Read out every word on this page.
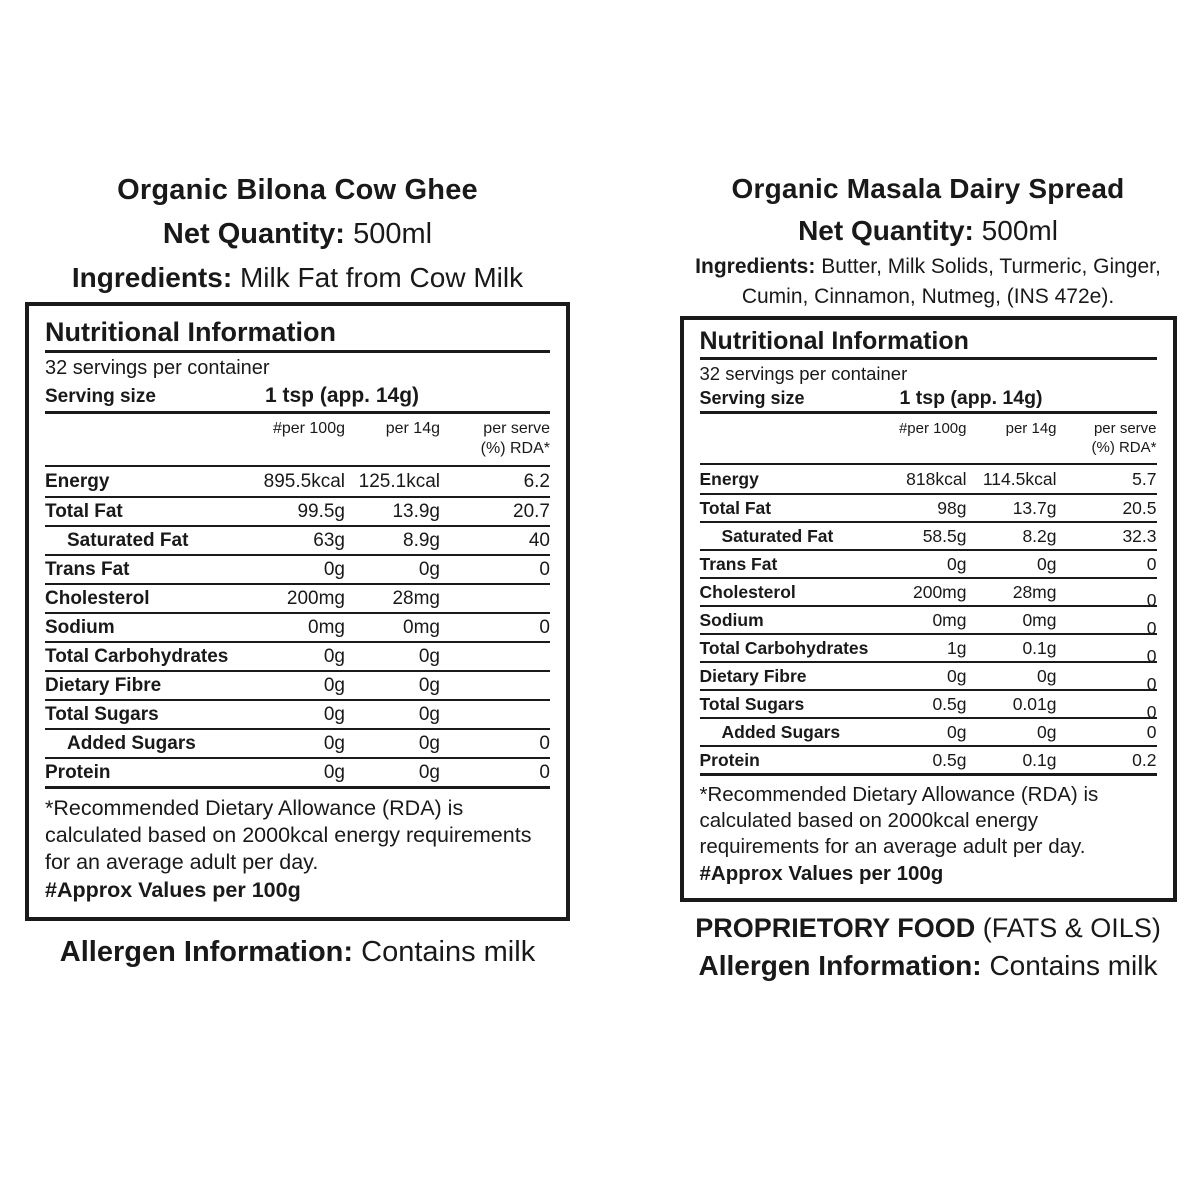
Organic Bilona Cow Ghee
Net Quantity: 500ml
Ingredients: Milk Fat from Cow Milk
Nutritional Information
32 servings per container
Serving size	1 tsp (app. 14g)
#per 100g	per 14g	per serve
(%) RDA*
Energy	895.5kcal 125.1kcal	6.2
Total Fat	99.5g	13.9g	20.7
Saturated Fat	63g	8.9g	40
Trans Fat	0g	0g	0
Cholesterol	200mg	28mg
Sodium	0mg	0mg	0
Total Carbohydrates	0g	0g
Dietary Fibre	0g	0g
Total Sugars	0g	0g
Added Sugars	0g	0g	0
Protein	0g	0g	0
*Recommended Dietary Allowance (RDA) is calculated based on 2000kcal energy requirements for an average adult per day.
#Approx Values per 100g
Allergen Information: Contains milk
Organic Masala Dairy Spread
Net Quantity: 500ml
Ingredients: Butter, Milk Solids, Turmeric, Ginger,
Cumin, Cinnamon, Nutmeg, (INS 472e).
Nutritional Information
32 servings per container
Serving size	1 tsp (app. 14g)
#per 100g	per 14g	per serve
(%) RDA*
Energy	818kcal 114.5kcal	5.7
Total Fat	98g	13.7g	20.5
Saturated Fat	58.5g	8.2g	32.3
Trans Fat	0g	0g	0
Cholesterol	200mg	28mg	0
Sodium	0mg	0mg	0
Total Carbohydrates	1g	0.1g	0
Dietary Fibre	0g	0g	0
Total Sugars	0.5g	0.01g	0
Added Sugars	0g	0g	0
Protein	0.5g	0.1g	0.2
*Recommended Dietary Allowance (RDA) is calculated based on 2000kcal energy requirements for an average adult per day.
#Approx Values per 100g
PROPRIETORY FOOD (FATS & OILS)
Allergen Information: Contains milk
